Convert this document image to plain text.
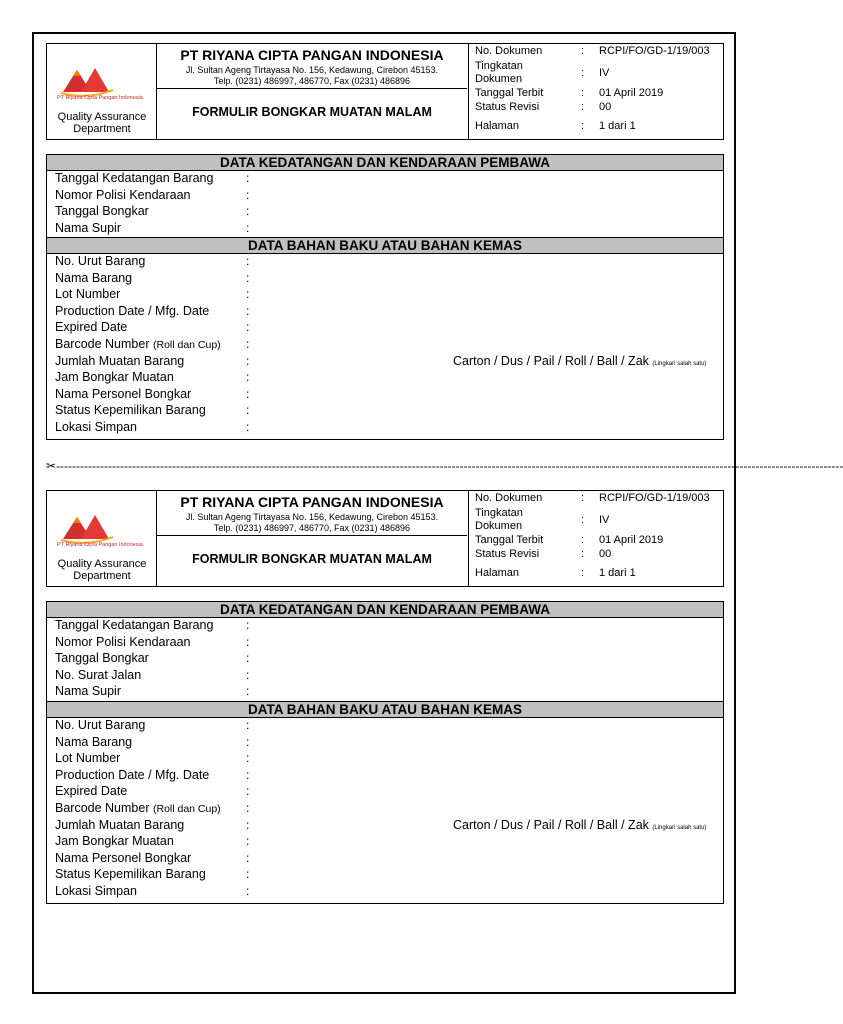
PT Riyana Cipta Pangan Indonesia
Quality Assurance
Department
PT RIYANA CIPTA PANGAN INDONESIA
Jl. Sultan Ageng Tirtayasa No. 156, Kedawung, Cirebon 45153.
Telp. (0231) 486997, 486770, Fax (0231) 486896
FORMULIR BONGKAR MUATAN MALAM
No. Dokumen	: RCPI/FO/GD-1/19/003
Tingkatan Dokumen	: IV
Tanggal Terbit	: 01 April 2019
Status Revisi	: 00
Halaman	: 1 dari 1
DATA KEDATANGAN DAN KENDARAAN PEMBAWA
Tanggal Kedatangan Barang	:
Nomor Polisi Kendaraan	:
Tanggal Bongkar	:
Nama Supir	:
DATA BAHAN BAKU ATAU BAHAN KEMAS
No. Urut Barang	:
Nama Barang	:
Lot Number	:
Production Date / Mfg. Date	:
Expired Date	:
Barcode Number (Roll dan Cup) :
Jumlah Muatan Barang	:	Carton / Dus / Pail / Roll / Ball / Zak (Lingkari salah satu)
Jam Bongkar Muatan	:
Nama Personel Bongkar	:
Status Kepemilikan Barang	:
Lokasi Simpan	:
✂-----------------------------------------------------------------------------------------------------------------------------------------------------------------------------------------------------
PT Riyana Cipta Pangan Indonesia
Quality Assurance
Department
PT RIYANA CIPTA PANGAN INDONESIA
Jl. Sultan Ageng Tirtayasa No. 156, Kedawung, Cirebon 45153.
Telp. (0231) 486997, 486770, Fax (0231) 486896
FORMULIR BONGKAR MUATAN MALAM
No. Dokumen	: RCPI/FO/GD-1/19/003
Tingkatan Dokumen	: IV
Tanggal Terbit	: 01 April 2019
Status Revisi	: 00
Halaman	: 1 dari 1
DATA KEDATANGAN DAN KENDARAAN PEMBAWA
Tanggal Kedatangan Barang	:
Nomor Polisi Kendaraan	:
Tanggal Bongkar	:
No. Surat Jalan	:
Nama Supir	:
DATA BAHAN BAKU ATAU BAHAN KEMAS
No. Urut Barang	:
Nama Barang	:
Lot Number	:
Production Date / Mfg. Date	:
Expired Date	:
Barcode Number (Roll dan Cup) :
Jumlah Muatan Barang	:	Carton / Dus / Pail / Roll / Ball / Zak (Lingkari salah satu)
Jam Bongkar Muatan	:
Nama Personel Bongkar	:
Status Kepemilikan Barang	:
Lokasi Simpan	:
